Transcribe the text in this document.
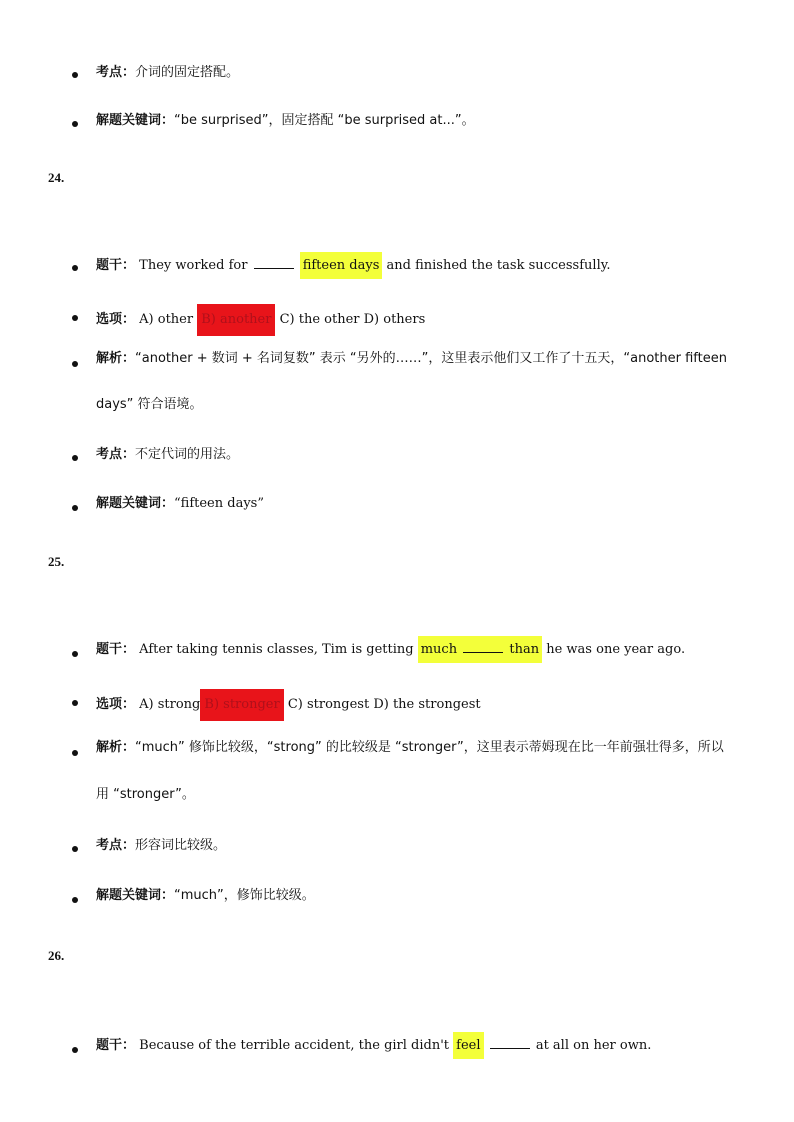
考点：介词的固定搭配。
解题关键词：“be surprised”，固定搭配 “be surprised at...”。
24.
题干： They worked for	fifteen days and finished the task successfully.
选项： A) other B) another C) the other D) others
解析：“another + 数词 + 名词复数” 表示 “另外的……”，这里表示他们又工作了十五天，“another fifteen
days” 符合语境。
考点：不定代词的用法。
解题关键词：“fifteen days”
25.
题干： After taking tennis classes, Tim is getting much	than he was one year ago.
选项： A) strong B) stronger C) strongest D) the strongest
解析：“much” 修饰比较级，“strong” 的比较级是 “stronger”，这里表示蒂姆现在比一年前强壮得多，所以
用 “stronger”。
考点：形容词比较级。
解题关键词：“much”，修饰比较级。
26.
题干： Because of the terrible accident, the girl didn't feel	at all on her own.
